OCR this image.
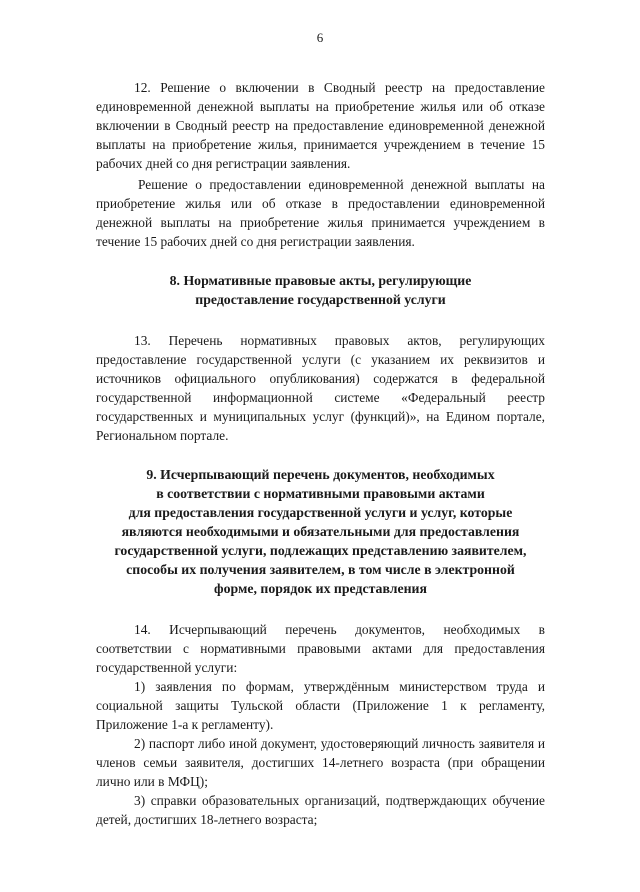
6

12. Решение о включении в Сводный реестр на предоставление единовременной денежной выплаты на приобретение жилья или об отказе включении в Сводный реестр на предоставление единовременной денежной выплаты на приобретение жилья, принимается учреждением в течение 15 рабочих дней со дня регистрации заявления.

Решение о предоставлении единовременной денежной выплаты на приобретение жилья или об отказе в предоставлении единовременной денежной выплаты на приобретение жилья принимается учреждением в течение 15 рабочих дней со дня регистрации заявления.

8. Нормативные правовые акты, регулирующие
предоставление государственной услуги

13. Перечень нормативных правовых актов, регулирующих предоставление государственной услуги (с указанием их реквизитов и источников официального опубликования) содержатся в федеральной государственной информационной системе «Федеральный реестр государственных и муниципальных услуг (функций)», на Едином портале, Региональном портале.

9. Исчерпывающий перечень документов, необходимых
в соответствии с нормативными правовыми актами
для предоставления государственной услуги и услуг, которые
являются необходимыми и обязательными для предоставления
государственной услуги, подлежащих представлению заявителем,
способы их получения заявителем, в том числе в электронной
форме, порядок их представления

14. Исчерпывающий перечень документов, необходимых в соответствии с нормативными правовыми актами для предоставления государственной услуги:

1) заявления по формам, утверждённым министерством труда и социальной защиты Тульской области (Приложение 1 к регламенту, Приложение 1-а к регламенту).

2) паспорт либо иной документ, удостоверяющий личность заявителя и членов семьи заявителя, достигших 14-летнего возраста (при обращении лично или в МФЦ);

3) справки образовательных организаций, подтверждающих обучение детей, достигших 18-летнего возраста;
